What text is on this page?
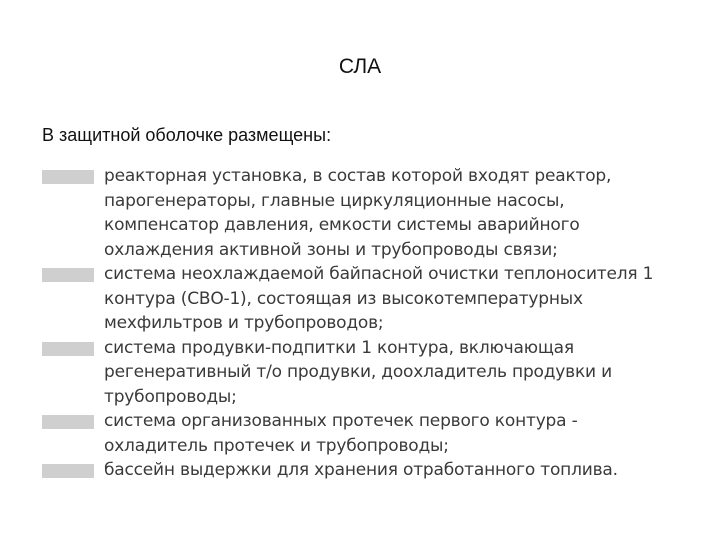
СЛА
В защитной оболочке размещены:
реакторная установка, в состав которой входят реактор, парогенераторы, главные циркуляционные насосы, компенсатор давления, емкости системы аварийного охлаждения активной зоны и трубопроводы связи;
система неохлаждаемой байпасной очистки теплоносителя 1 контура (СВО-1), состоящая из высокотемпературных мехфильтров и трубопроводов;
система продувки-подпитки 1 контура, включающая регенеративный т/о продувки, доохладитель продувки и трубопроводы;
система организованных протечек первого контура - охладитель протечек и трубопроводы;
бассейн выдержки для хранения отработанного топлива.
